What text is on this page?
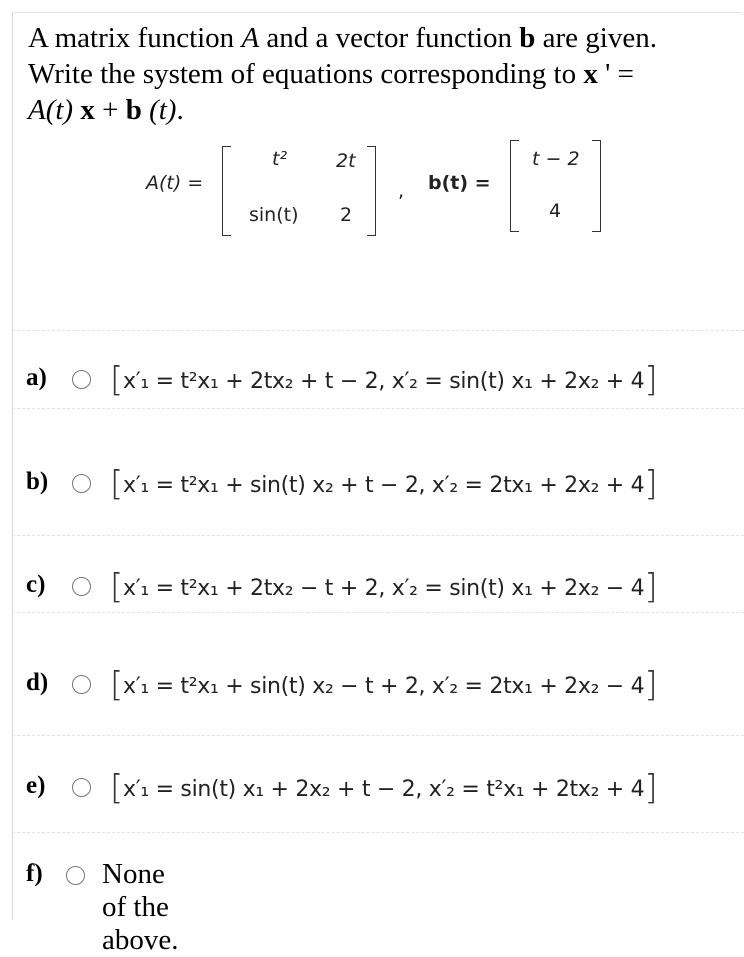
A matrix function A and a vector function b are given.
Write the system of equations corresponding to x ' =
A(t) x + b (t).
A(t) =
t²	2t
sin(t) 2
, b(t) =
t − 2
4
a) [x′₁ = t²x₁ + 2tx₂ + t − 2, x′₂ = sin(t) x₁ + 2x₂ + 4]
b) [x′₁ = t²x₁ + sin(t) x₂ + t − 2, x′₂ = 2tx₁ + 2x₂ + 4]
c) [x′₁ = t²x₁ + 2tx₂ − t + 2, x′₂ = sin(t) x₁ + 2x₂ − 4]
d) [x′₁ = t²x₁ + sin(t) x₂ − t + 2, x′₂ = 2tx₁ + 2x₂ − 4]
e) [x′₁ = sin(t) x₁ + 2x₂ + t − 2, x′₂ = t²x₁ + 2tx₂ + 4]
f) None of the above.
